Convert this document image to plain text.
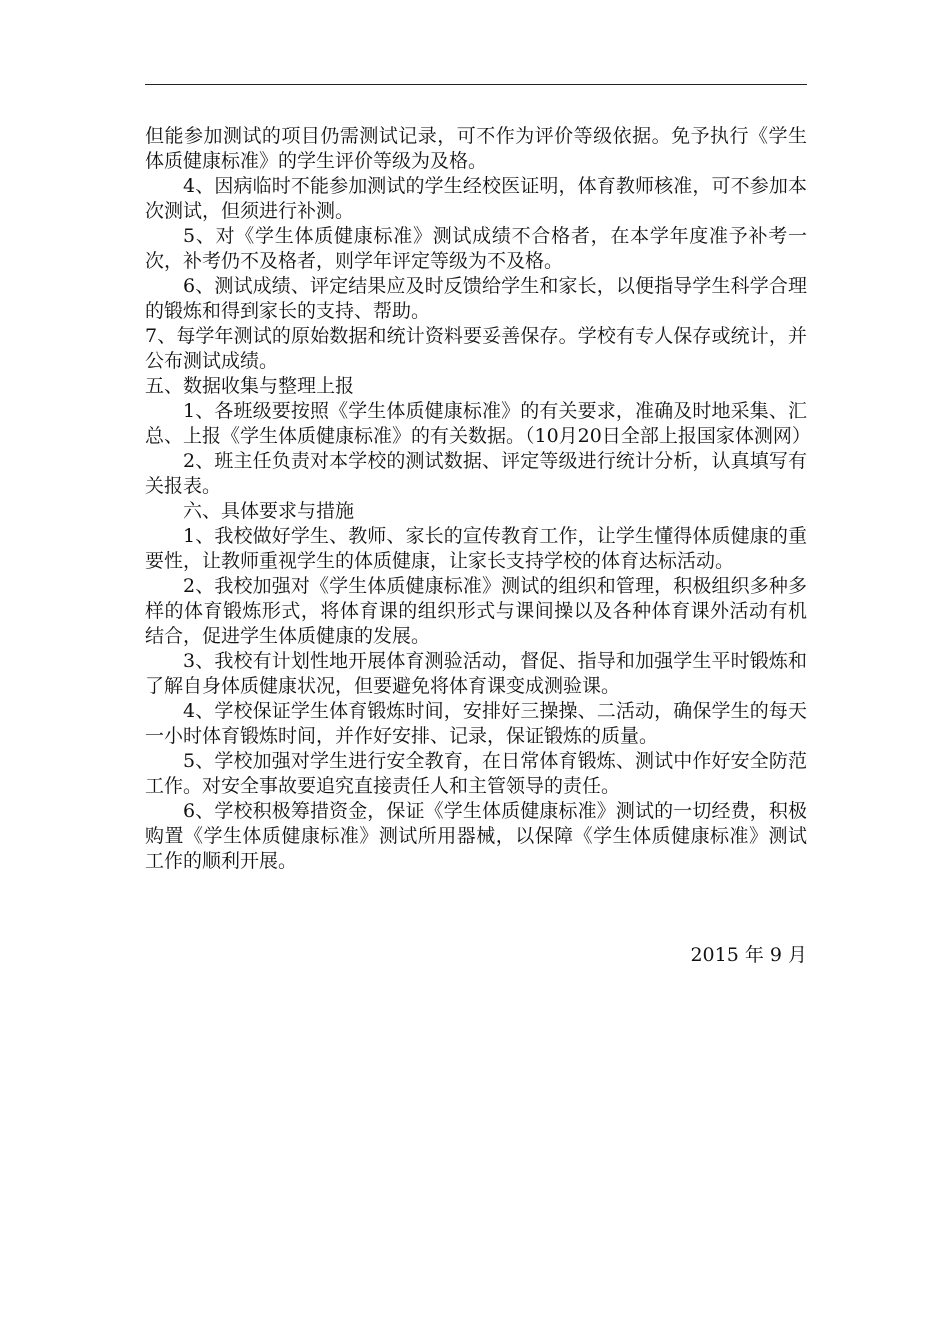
但能参加测试的项目仍需测试记录，可不作为评价等级依据。免予执行《学生体质健康标准》的学生评价等级为及格。

4、因病临时不能参加测试的学生经校医证明，体育教师核准，可不参加本次测试，但须进行补测。

5、对《学生体质健康标准》测试成绩不合格者，在本学年度准予补考一次，补考仍不及格者，则学年评定等级为不及格。

6、测试成绩、评定结果应及时反馈给学生和家长，以便指导学生科学合理的锻炼和得到家长的支持、帮助。

7、每学年测试的原始数据和统计资料要妥善保存。学校有专人保存或统计，并公布测试成绩。

五、数据收集与整理上报

1、各班级要按照《学生体质健康标准》的有关要求，准确及时地采集、汇总、上报《学生体质健康标准》的有关数据。（10月20日全部上报国家体测网）

2、班主任负责对本学校的测试数据、评定等级进行统计分析，认真填写有关报表。

六、具体要求与措施

1、我校做好学生、教师、家长的宣传教育工作，让学生懂得体质健康的重要性，让教师重视学生的体质健康，让家长支持学校的体育达标活动。

2、我校加强对《学生体质健康标准》测试的组织和管理，积极组织多种多样的体育锻炼形式，将体育课的组织形式与课间操以及各种体育课外活动有机结合，促进学生体质健康的发展。

3、我校有计划性地开展体育测验活动，督促、指导和加强学生平时锻炼和了解自身体质健康状况，但要避免将体育课变成测验课。

4、学校保证学生体育锻炼时间，安排好三操操、二活动，确保学生的每天一小时体育锻炼时间，并作好安排、记录，保证锻炼的质量。

5、学校加强对学生进行安全教育，在日常体育锻炼、测试中作好安全防范工作。对安全事故要追究直接责任人和主管领导的责任。

6、学校积极筹措资金，保证《学生体质健康标准》测试的一切经费，积极购置《学生体质健康标准》测试所用器械，以保障《学生体质健康标准》测试工作的顺利开展。

2015 年 9 月
